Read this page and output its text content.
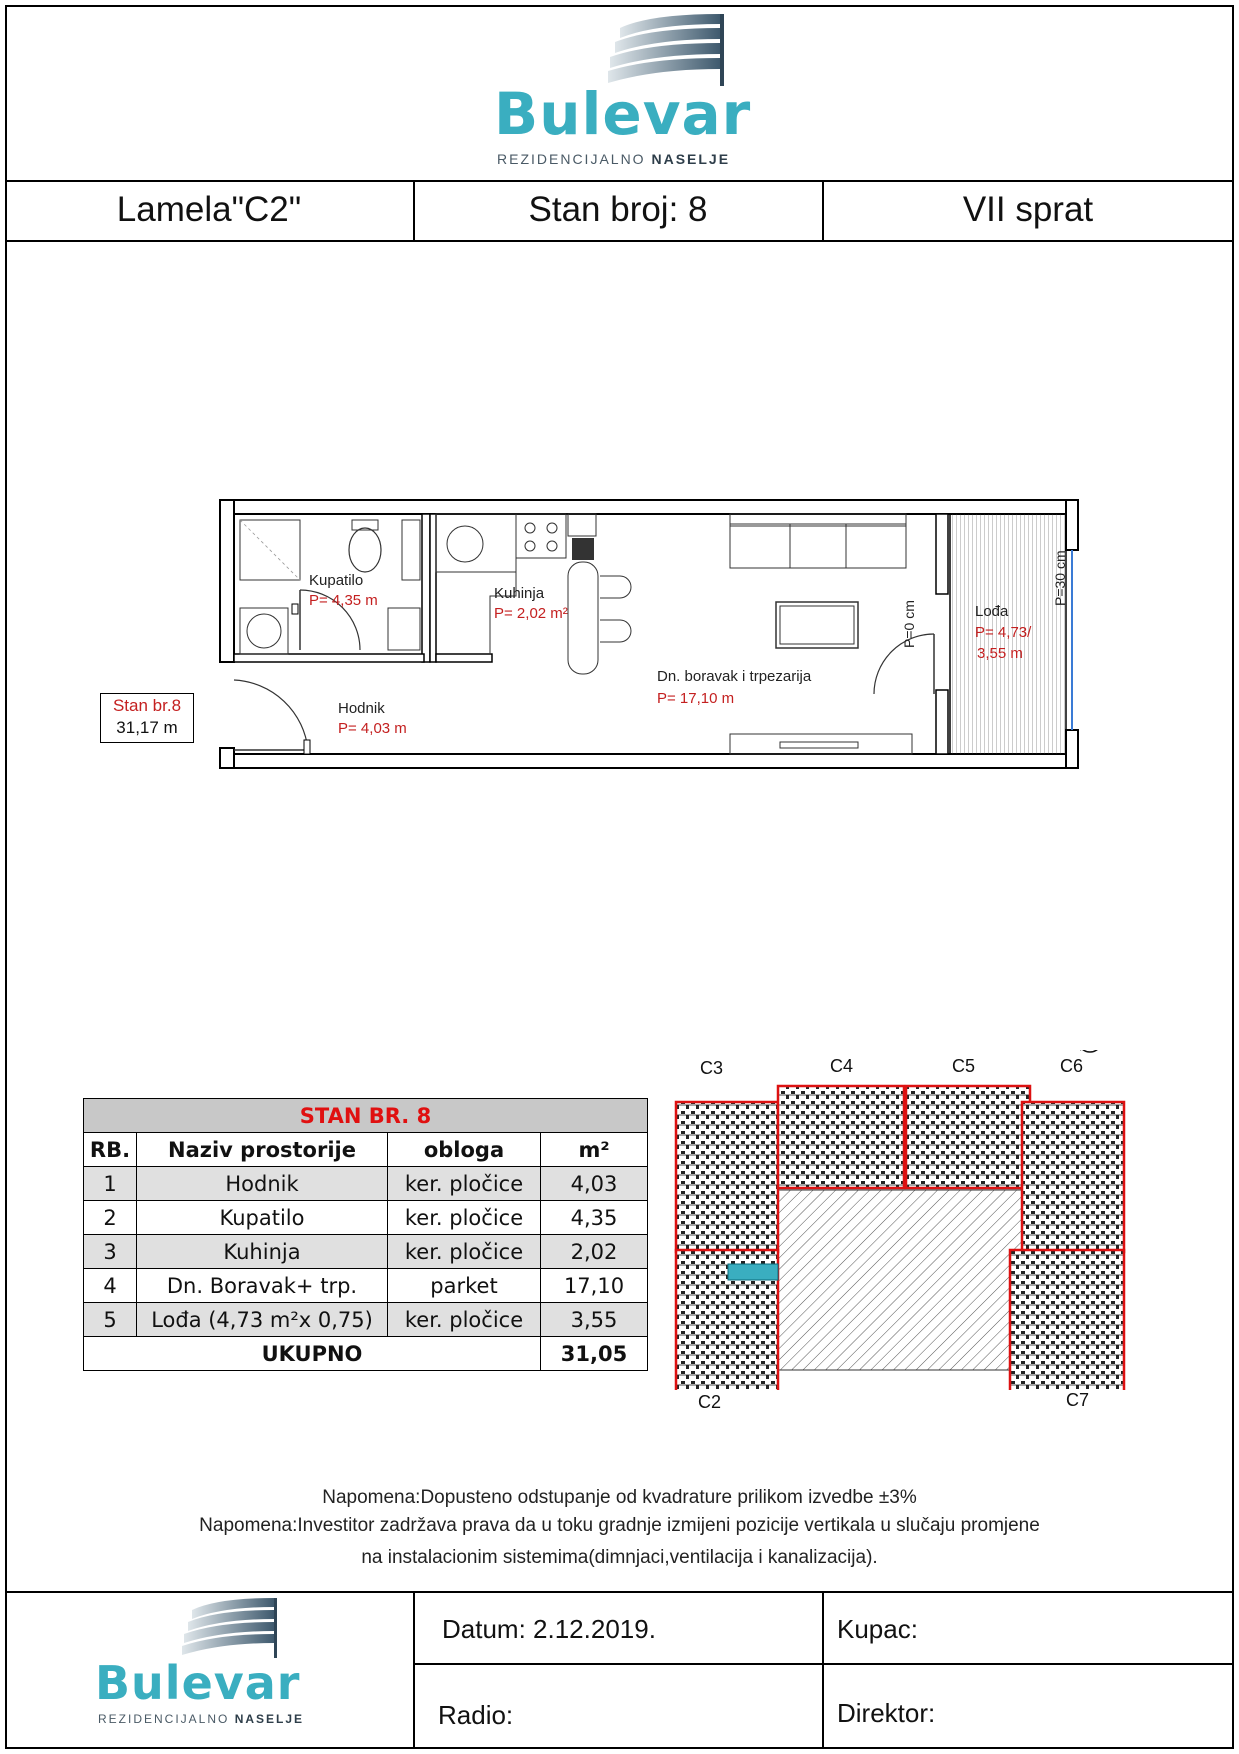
Bulevar
REZIDENCIJALNO NASELJE
Lamela"C2"	Stan broj: 8	VII sprat
Kupatilo
P= 4,35 m	Kuhinja
P= 2,02 m²
Hodnik
P= 4,03 m
Dn. boravak i trpezarija
P= 17,10 m
Lođa
P= 4,73/
3,55 m
P=0 cm
P=30 cm
Stan br.8
31,17 m
STAN BR. 8			
RB.	Naziv prostorije	obloga	m²
1	Hodnik	ker. pločice	4,03
2	Kupatilo	ker. pločice	4,35
3	Kuhinja	ker. pločice	2,02
4	Dn. Boravak+ trp.	parket	17,10
5	Lođa (4,73 m²x 0,75)	ker. pločice	3,55
UKUPNO			31,05
C3	C4	C5	C6
C2	C7
Napomena:Dopusteno odstupanje od kvadrature prilikom izvedbe ±3%
Napomena:Investitor zadržava prava da u toku gradnje izmijeni pozicije vertikala u slučaju promjene
na instalacionim sistemima(dimnjaci,ventilacija i kanalizacija).
Bulevar
REZIDENCIJALNO NASELJE
Datum: 2.12.2019.	Kupac:
Radio:	Direktor:
